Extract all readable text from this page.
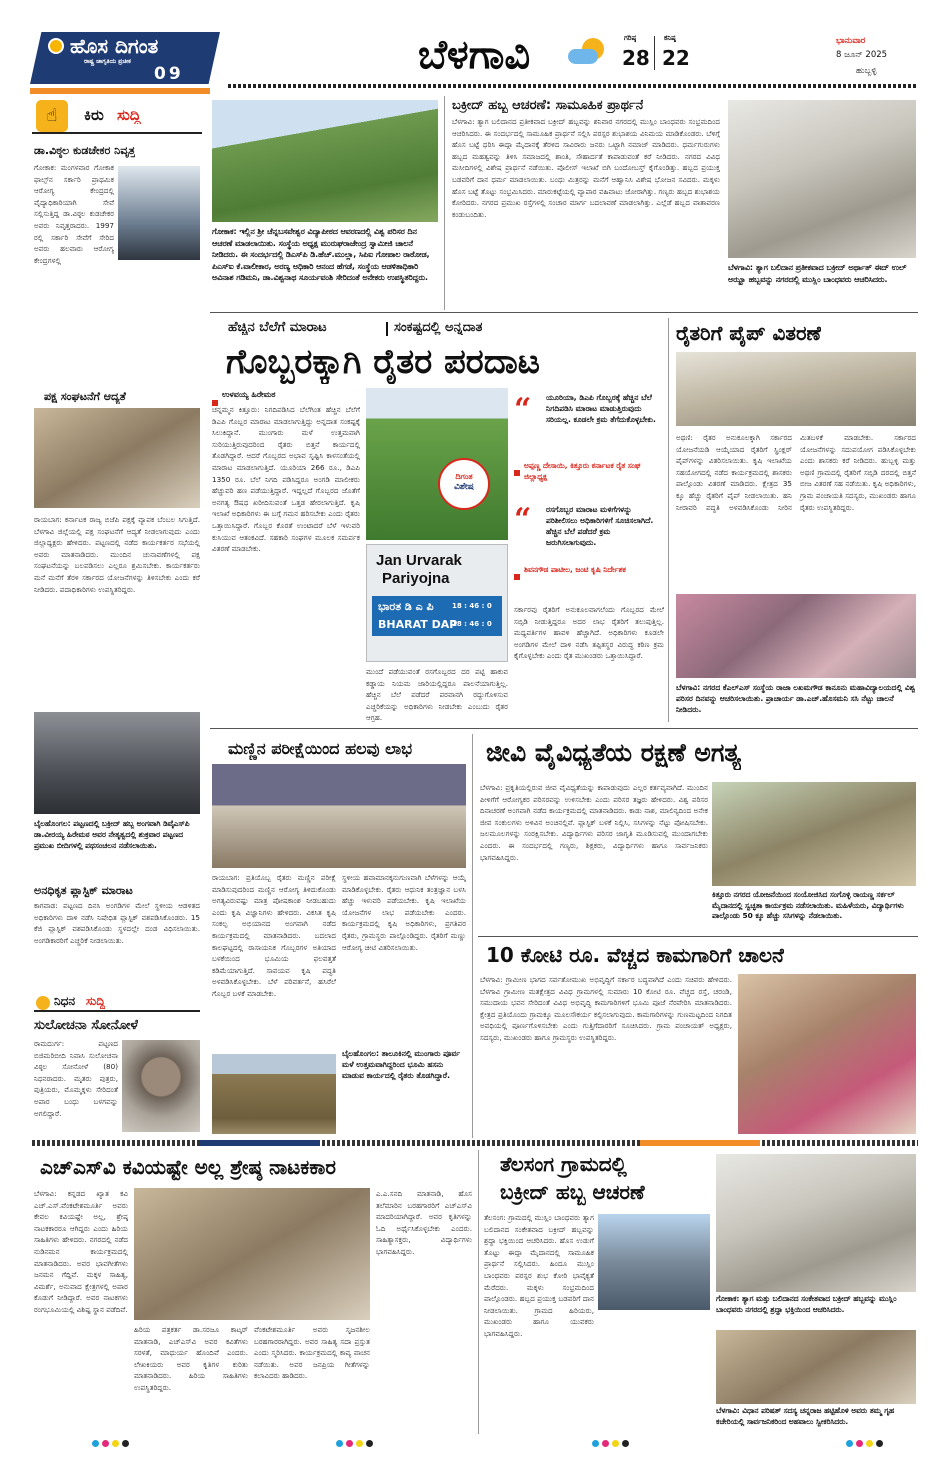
ಹೊಸ ದಿಗಂತ
ರಾಷ್ಟ್ರ ಜಾಗೃತಿಯ ಪ್ರಚೀಕ
09	ಬೆಳಗಾವಿ	ಗರಿಷ್ಠ
28
ಕನಿಷ್ಠ
22
ಭಾನುವಾರ
8 ಜೂನ್ 2025
ಹುಬ್ಬಳ್ಳಿ
☝	ಕಿರು ಸುದ್ದಿ
ಡಾ.ವಿಠ್ಠಲ ಕುಡಚೇಕರ ನಿವೃತ್ತ
ಗೋಕಾಕ: ಮಂಗಳವಾರ ಗೋಕಾಕ ಫಾಲ್ಸ್‌ನ ಸರ್ಕಾರಿ ಪ್ರಾಥಮಿಕ ಆರೋಗ್ಯ ಕೇಂದ್ರದಲ್ಲಿ ವೈದ್ಯಾಧಿಕಾರಿಯಾಗಿ ಸೇವೆ ಸಲ್ಲಿಸುತ್ತಿದ್ದ ಡಾ.ವಿಠ್ಠಲ ಕುಡಚೇಕರ ಅವರು ನಿವೃತ್ತರಾದರು. 1997 ರಲ್ಲಿ ಸರ್ಕಾರಿ ಸೇವೆಗೆ ಸೇರಿದ ಅವರು ಹಲವಾರು ಆರೋಗ್ಯ ಕೇಂದ್ರಗಳಲ್ಲಿ
ಪಕ್ಷ ಸಂಘಟನೆಗೆ ಆದ್ಯತೆ
ರಾಯಬಾಗ: ಕರ್ನಾಟಕ ರಾಜ್ಯ ಬಿಜೆಪಿ ಪಕ್ಷಕ್ಕೆ ವ್ಯಾಪಕ ಬೆಂಬಲ ಸಿಗುತ್ತಿದೆ. ಬೆಳಗಾವಿ ಜಿಲ್ಲೆಯಲ್ಲಿ ಪಕ್ಷ ಸಂಘಟನೆಗೆ ಆದ್ಯತೆ ನೀಡಲಾಗುವುದು ಎಂದು ಜಿಲ್ಲಾಧ್ಯಕ್ಷರು ಹೇಳಿದರು. ಪಟ್ಟಣದಲ್ಲಿ ನಡೆದ ಕಾರ್ಯಕರ್ತರ ಸಭೆಯಲ್ಲಿ ಅವರು ಮಾತನಾಡಿದರು. ಮುಂದಿನ ಚುನಾವಣೆಗಳಲ್ಲಿ ಪಕ್ಷ ಸಂಘಟನೆಯನ್ನು ಬಲಪಡಿಸಲು ಎಲ್ಲರೂ ಶ್ರಮಿಸಬೇಕು. ಕಾರ್ಯಕರ್ತರು ಮನೆ ಮನೆಗೆ ತೆರಳಿ ಸರ್ಕಾರದ ಯೋಜನೆಗಳನ್ನು ತಿಳಿಸಬೇಕು ಎಂದು ಕರೆ ನೀಡಿದರು. ಪದಾಧಿಕಾರಿಗಳು ಉಪಸ್ಥಿತರಿದ್ದರು.
ಬೈಲಹೊಂಗಲ: ಪಟ್ಟಣದಲ್ಲಿ ಬಕ್ರೀದ್ ಹಬ್ಬ ಅಂಗವಾಗಿ ಡಿವೈಎಸ್‌ಪಿ ಡಾ.ವೀರಯ್ಯ ಹಿರೇಮಠ ಅವರ ನೇತೃತ್ವದಲ್ಲಿ ಶುಕ್ರವಾರ ಪಟ್ಟಣದ ಪ್ರಮುಖ ಬೀದಿಗಳಲ್ಲಿ ಪಥಸಂಚಲನ ನಡೆಸಲಾಯಿತು.
ಅನಧಿಕೃತ ಪ್ಲಾಸ್ಟಿಕ್ ಮಾರಾಟ
ಕಾಗವಾಡ: ಪಟ್ಟಣದ ದಿನಸಿ ಅಂಗಡಿಗಳ ಮೇಲೆ ಸ್ಥಳೀಯ ಆಡಳಿತದ ಅಧಿಕಾರಿಗಳು ದಾಳಿ ನಡೆಸಿ ನಿಷೇಧಿತ ಪ್ಲಾಸ್ಟಿಕ್ ವಶಪಡಿಸಿಕೊಂಡರು. 15 ಕೆಜಿ ಪ್ಲಾಸ್ಟಿಕ್ ವಶಪಡಿಸಿಕೊಂಡು ಸ್ಥಳದಲ್ಲೇ ದಂಡ ವಿಧಿಸಲಾಯಿತು. ಅಂಗಡಿಕಾರರಿಗೆ ಎಚ್ಚರಿಕೆ ನೀಡಲಾಯಿತು.
ನಿಧನ ಸುದ್ದಿ
ಸುಲೋಚನಾ ಸೋನೋಳೆ
ರಾಮದುರ್ಗ: ಪಟ್ಟಣದ ಬಿಜಿಮರಿಬೀದಿ ನಿವಾಸಿ ಸುಲೋಚನಾ ವಿಠ್ಠಲ ಸೋನೋಳೆ (80) ನಿಧನರಾದರು. ಮೃತರು ಪುತ್ರರು, ಪುತ್ರಿಯರು, ಮೊಮ್ಮಕ್ಕಳು ಸೇರಿದಂತೆ ಅಪಾರ ಬಂಧು ಬಳಗವನ್ನು ಅಗಲಿದ್ದಾರೆ.
ಗೋಕಾಕ: ಇಲ್ಲಿನ ಶ್ರೀ ಚೆನ್ನಬಸವೇಶ್ವರ ವಿದ್ಯಾಪೀಠದ ಆವರಣದಲ್ಲಿ ವಿಶ್ವ ಪರಿಸರ ದಿನ ಆಚರಣೆ ಮಾಡಲಾಯಿತು. ಸಂಸ್ಥೆಯ ಅಧ್ಯಕ್ಷ ಮುರುಘರಾಜೇಂದ್ರ ಸ್ವಾಮೀಜಿ ಚಾಲನೆ ನೀಡಿದರು. ಈ ಸಂದರ್ಭದಲ್ಲಿ ಡಿಎಸ್‌ಪಿ ಡಿ.ಹೆಚ್.ಮುಲ್ಲಾ, ಸಿಪಿಐ ಗೋಪಾಲ ರಾಠೋಡ, ಪಿಎಸ್‌ಐ ಕೆ.ವಾಲೀಕಾರ, ಅರಣ್ಯ ಅಧಿಕಾರಿ ಆನಂದ ಹೆಗಡೆ, ಸಂಸ್ಥೆಯ ಆಡಳಿತಾಧಿಕಾರಿ ಅವಿನಾಶ ಗಡಿಮನಿ, ಡಾ.ವಿಶ್ವನಾಥ ಸೂರ್ಯವಂಶಿ ಸೇರಿದಂತೆ ಅನೇಕರು ಉಪಸ್ಥಿತರಿದ್ದರು.
ಬಕ್ರೀದ್ ಹಬ್ಬ ಆಚರಣೆ: ಸಾಮೂಹಿಕ ಪ್ರಾರ್ಥನೆ
ಬೆಳಗಾವಿ: ತ್ಯಾಗ ಬಲಿದಾನದ ಪ್ರತೀಕವಾದ ಬಕ್ರೀದ್ ಹಬ್ಬವನ್ನು ಶನಿವಾರ ನಗರದಲ್ಲಿ ಮುಸ್ಲಿಂ ಬಾಂಧವರು ಸಂಭ್ರಮದಿಂದ ಆಚರಿಸಿದರು. ಈ ಸಂದರ್ಭದಲ್ಲಿ ಸಾಮೂಹಿಕ ಪ್ರಾರ್ಥನೆ ಸಲ್ಲಿಸಿ ಪರಸ್ಪರ ಶುಭಾಶಯ ವಿನಿಮಯ ಮಾಡಿಕೊಂಡರು. ಬೆಳಿಗ್ಗೆ ಹೊಸ ಬಟ್ಟೆ ಧರಿಸಿ ಈದ್ಗಾ ಮೈದಾನಕ್ಕೆ ತೆರಳಿದ ಸಾವಿರಾರು ಜನರು ಒಟ್ಟಾಗಿ ನಮಾಜ್ ಮಾಡಿದರು. ಧರ್ಮಗುರುಗಳು ಹಬ್ಬದ ಮಹತ್ವವನ್ನು ತಿಳಿಸಿ ಸಮಾಜದಲ್ಲಿ ಶಾಂತಿ, ಸೌಹಾರ್ದತೆ ಕಾಪಾಡುವಂತೆ ಕರೆ ನೀಡಿದರು. ನಗರದ ವಿವಿಧ ಮಸೀದಿಗಳಲ್ಲಿ ವಿಶೇಷ ಪ್ರಾರ್ಥನೆ ನಡೆಯಿತು. ಪೊಲೀಸ್ ಇಲಾಖೆ ಬಿಗಿ ಬಂದೋಬಸ್ತ್ ಕೈಗೊಂಡಿತ್ತು. ಹಬ್ಬದ ಪ್ರಯುಕ್ತ ಬಡವರಿಗೆ ದಾನ ಧರ್ಮ ಮಾಡಲಾಯಿತು. ಬಂಧು ಮಿತ್ರರನ್ನು ಮನೆಗೆ ಆಹ್ವಾನಿಸಿ ವಿಶೇಷ ಭೋಜನ ಸವಿದರು. ಮಕ್ಕಳು ಹೊಸ ಬಟ್ಟೆ ತೊಟ್ಟು ಸಂಭ್ರಮಿಸಿದರು. ಮಾರುಕಟ್ಟೆಯಲ್ಲಿ ವ್ಯಾಪಾರ ವಹಿವಾಟು ಜೋರಾಗಿತ್ತು. ಗಣ್ಯರು ಹಬ್ಬದ ಶುಭಾಶಯ ಕೋರಿದರು. ನಗರದ ಪ್ರಮುಖ ರಸ್ತೆಗಳಲ್ಲಿ ಸಂಚಾರ ಮಾರ್ಗ ಬದಲಾವಣೆ ಮಾಡಲಾಗಿತ್ತು. ಎಲ್ಲೆಡೆ ಹಬ್ಬದ ವಾತಾವರಣ ಕಂಡುಬಂದಿತು.
ಬೆಳಗಾವಿ: ತ್ಯಾಗ ಬಲಿದಾನ ಪ್ರತೀಕವಾದ ಬಕ್ರೀದ್ ಅರ್ಥಾತ್ ಈದ್ ಉಲ್ ಅಝ್ಹಾ ಹಬ್ಬವನ್ನು ನಗರದಲ್ಲಿ ಮುಸ್ಲಿಂ ಬಾಂಧವರು ಆಚರಿಸಿದರು.
ಹೆಚ್ಚಿನ ಬೆಲೆಗೆ ಮಾರಾಟ	ಸಂಕಷ್ಟದಲ್ಲಿ ಅನ್ನದಾತ
ಗೊಬ್ಬರಕ್ಕಾಗಿ ರೈತರ ಪರದಾಟ
ಉಳವಯ್ಯ ಹಿರೇಮಠ
ಚನ್ನಮ್ಮನ ಕಿತ್ತೂರು: ನಿಗದಿಪಡಿಸಿದ ಬೆಲೆಗಿಂತ ಹೆಚ್ಚಿನ ಬೆಲೆಗೆ ಡಿಎಪಿ ಗೊಬ್ಬರ ಮಾರಾಟ ಮಾಡಲಾಗುತ್ತಿದ್ದು ಅನ್ನದಾತ ಸಂಕಷ್ಟಕ್ಕೆ ಸಿಲುಕಿದ್ದಾನೆ. ಮುಂಗಾರು ಮಳೆ ಉತ್ತಮವಾಗಿ ಸುರಿಯುತ್ತಿರುವುದರಿಂದ ರೈತರು ಬಿತ್ತನೆ ಕಾರ್ಯದಲ್ಲಿ ತೊಡಗಿದ್ದಾರೆ. ಆದರೆ ಗೊಬ್ಬರದ ಅಭಾವ ಸೃಷ್ಟಿಸಿ ಕಾಳಸಂತೆಯಲ್ಲಿ ಮಾರಾಟ ಮಾಡಲಾಗುತ್ತಿದೆ. ಯೂರಿಯಾ 266 ರೂ., ಡಿಎಪಿ 1350 ರೂ. ಬೆಲೆ ನಿಗದಿ ಪಡಿಸಿದ್ದರೂ ಅಂಗಡಿ ಮಾಲೀಕರು ಹೆಚ್ಚುವರಿ ಹಣ ಪಡೆಯುತ್ತಿದ್ದಾರೆ. ಇದ್ದಲ್ಲದೆ ಗೊಬ್ಬರದ ಜೊತೆಗೆ ಅನಗತ್ಯ ಔಷಧ ಖರೀದಿಸುವಂತೆ ಒತ್ತಡ ಹೇರಲಾಗುತ್ತಿದೆ. ಕೃಷಿ ಇಲಾಖೆ ಅಧಿಕಾರಿಗಳು ಈ ಬಗ್ಗೆ ಗಮನ ಹರಿಸಬೇಕು ಎಂದು ರೈತರು ಒತ್ತಾಯಿಸಿದ್ದಾರೆ. ಗೊಬ್ಬರ ಕೊರತೆ ಉಂಟಾದರೆ ಬೆಳೆ ಇಳುವರಿ ಕುಸಿಯುವ ಆತಂಕವಿದೆ. ಸಹಕಾರಿ ಸಂಘಗಳ ಮೂಲಕ ಸಮರ್ಪಕ ವಿತರಣೆ ಮಾಡಬೇಕು.
ದಿಗಂತ
ವಿಶೇಷ
Jan Urvarak
Pariyojna
ಭಾರತ ಡಿ ಎ ಪಿ	18 : 46 : 0
BHARAT DAP
18 : 46 : 0
“ ಯೂರಿಯಾ, ಡಿಎಪಿ ಗೊಬ್ಬರಕ್ಕೆ ಹೆಚ್ಚಿನ ಬೆಲೆ ನಿಗದಿಪಡಿಸಿ ಮಾರಾಟ ಮಾಡುತ್ತಿರುವುದು ಸರಿಯಲ್ಲ. ಕೂಡಲೇ ಕ್ರಮ ತೆಗೆದುಕೊಳ್ಳಬೇಕು.
ಅಪ್ಪಣ್ಣ ದೇಸಾಯಿ, ಕಿತ್ತೂರು ಕರ್ನಾಟಕ ರೈತ ಸಂಘ ಜಿಲ್ಲಾಧ್ಯಕ್ಷ
“ ರಸಗೊಬ್ಬರ ಮಾರಾಟ ಮಳಿಗೆಗಳನ್ನು ಪರಿಶೀಲಿಸಲು ಅಧಿಕಾರಿಗಳಿಗೆ ಸೂಚಿಸಲಾಗಿದೆ. ಹೆಚ್ಚಿನ ಬೆಲೆ ಪಡೆದರೆ ಕ್ರಮ ಜರುಗಿಸಲಾಗುವುದು.
ಶಿವನಗೌಡ ಪಾಟೀಲ, ಜಂಟಿ ಕೃಷಿ ನಿರ್ದೇಶಕ
ಸರ್ಕಾರವು ರೈತರಿಗೆ ಅನುಕೂಲವಾಗಲೆಂದು ಗೊಬ್ಬರದ ಮೇಲೆ ಸಬ್ಸಿಡಿ ನೀಡುತ್ತಿದ್ದರೂ ಅದರ ಲಾಭ ರೈತರಿಗೆ ತಲುಪುತ್ತಿಲ್ಲ. ಮಧ್ಯವರ್ತಿಗಳ ಹಾವಳಿ ಹೆಚ್ಚಾಗಿದೆ. ಅಧಿಕಾರಿಗಳು ಕೂಡಲೇ ಅಂಗಡಿಗಳ ಮೇಲೆ ದಾಳಿ ನಡೆಸಿ ತಪ್ಪಿತಸ್ಥರ ವಿರುದ್ಧ ಕಠಿಣ ಕ್ರಮ ಕೈಗೊಳ್ಳಬೇಕು ಎಂದು ರೈತ ಮುಖಂಡರು ಒತ್ತಾಯಿಸಿದ್ದಾರೆ.
ಮುಂದೆ ಪಡೆಯುವಂತೆ ರಸಗೊಬ್ಬರದ ದರ ಪಟ್ಟಿ ಹಾಕುವ ಕಡ್ಡಾಯ ನಿಯಮ ಜಾರಿಯಲ್ಲಿದ್ದರೂ ಪಾಲನೆಯಾಗುತ್ತಿಲ್ಲ. ಹೆಚ್ಚಿನ ಬೆಲೆ ಪಡೆದರೆ ಪರವಾನಗಿ ರದ್ದುಗೊಳಿಸುವ ಎಚ್ಚರಿಕೆಯನ್ನು ಅಧಿಕಾರಿಗಳು ನೀಡಬೇಕು ಎಂಬುದು ರೈತರ ಆಗ್ರಹ.
ರೈತರಿಗೆ ಪೈಪ್ ವಿತರಣೆ
ಅಥಣಿ: ರೈತರ ಅನುಕೂಲಕ್ಕಾಗಿ ಸರ್ಕಾರದ ಯೋಜನೆಯಡಿ ಆಯ್ಕೆಯಾದ ರೈತರಿಗೆ ಸ್ಪ್ರಿಂಕ್ಲರ್ ಪೈಪ್‌ಗಳನ್ನು ವಿತರಿಸಲಾಯಿತು. ಕೃಷಿ ಇಲಾಖೆಯ ಸಹಯೋಗದಲ್ಲಿ ನಡೆದ ಕಾರ್ಯಕ್ರಮದಲ್ಲಿ ಶಾಸಕರು ಪಾಲ್ಗೊಂಡು ವಿತರಣೆ ಮಾಡಿದರು. ಕ್ಷೇತ್ರದ 35 ಕ್ಕೂ ಹೆಚ್ಚು ರೈತರಿಗೆ ಪೈಪ್ ನೀಡಲಾಯಿತು. ಹನಿ ನೀರಾವರಿ ಪದ್ಧತಿ ಅಳವಡಿಸಿಕೊಂಡು ನೀರಿನ ಮಿತಬಳಕೆ ಮಾಡಬೇಕು. ಸರ್ಕಾರದ ಯೋಜನೆಗಳನ್ನು ಸದುಪಯೋಗ ಪಡಿಸಿಕೊಳ್ಳಬೇಕು ಎಂದು ಶಾಸಕರು ಕರೆ ನೀಡಿದರು. ಹುಬ್ಬಳ್ಳಿ ಮತ್ತು ಅಥಣಿ ಗ್ರಾಮದಲ್ಲಿ ರೈತರಿಗೆ ಸಬ್ಸಿಡಿ ದರದಲ್ಲಿ ಬಿತ್ತನೆ ಬೀಜ ವಿತರಣೆ ಸಹ ನಡೆಯಿತು. ಕೃಷಿ ಅಧಿಕಾರಿಗಳು, ಗ್ರಾಮ ಪಂಚಾಯತಿ ಸದಸ್ಯರು, ಮುಖಂಡರು ಹಾಗೂ ರೈತರು ಉಪಸ್ಥಿತರಿದ್ದರು.
ಬೆಳಗಾವಿ: ನಗರದ ಕೆಎಲ್‌ಎಸ್ ಸಂಸ್ಥೆಯ ರಾಜಾ ಲಖಮಗೌಡ ಕಾನೂನು ಮಹಾವಿದ್ಯಾಲಯದಲ್ಲಿ ವಿಶ್ವ ಪರಿಸರ ದಿನವನ್ನು ಆಚರಿಸಲಾಯಿತು. ಪ್ರಾಚಾರ್ಯ ಡಾ.ಎಚ್.ಹೊಸಮನಿ ಸಸಿ ನೆಟ್ಟು ಚಾಲನೆ ನೀಡಿದರು.
ಮಣ್ಣಿನ ಪರೀಕ್ಷೆಯಿಂದ ಹಲವು ಲಾಭ
ರಾಯಬಾಗ: ಪ್ರತಿಯೊಬ್ಬ ರೈತರು ಮಣ್ಣಿನ ಪರೀಕ್ಷೆ ಮಾಡಿಸುವುದರಿಂದ ಮಣ್ಣಿನ ಆರೋಗ್ಯ ತಿಳಿದುಕೊಂಡು ಅಗತ್ಯವಿರುವಷ್ಟು ಮಾತ್ರ ಪೋಷಕಾಂಶ ನೀಡಬಹುದು ಎಂದು ಕೃಷಿ ವಿಜ್ಞಾನಿಗಳು ಹೇಳಿದರು. ವಿಕಸಿತ ಕೃಷಿ ಸಂಕಲ್ಪ ಅಭಿಯಾನದ ಅಂಗವಾಗಿ ನಡೆದ ಕಾರ್ಯಕ್ರಮದಲ್ಲಿ ಮಾತನಾಡಿದರು. ಬದಲಾದ ಕಾಲಘಟ್ಟದಲ್ಲಿ ರಾಸಾಯನಿಕ ಗೊಬ್ಬರಗಳ ಅತಿಯಾದ ಬಳಕೆಯಿಂದ ಭೂಮಿಯ ಫಲವತ್ತತೆ ಕಡಿಮೆಯಾಗುತ್ತಿದೆ. ಸಾವಯವ ಕೃಷಿ ಪದ್ಧತಿ ಅಳವಡಿಸಿಕೊಳ್ಳಬೇಕು. ಬೆಳೆ ಪರಿವರ್ತನೆ, ಹಸಿರೆಲೆ ಗೊಬ್ಬರ ಬಳಕೆ ಮಾಡಬೇಕು.
ಸ್ಥಳೀಯ ಹವಾಮಾನಕ್ಕನುಗುಣವಾಗಿ ಬೆಳೆಗಳನ್ನು ಆಯ್ಕೆ ಮಾಡಿಕೊಳ್ಳಬೇಕು. ರೈತರು ಆಧುನಿಕ ತಂತ್ರಜ್ಞಾನ ಬಳಸಿ ಹೆಚ್ಚು ಇಳುವರಿ ಪಡೆಯಬೇಕು. ಕೃಷಿ ಇಲಾಖೆಯ ಯೋಜನೆಗಳ ಲಾಭ ಪಡೆಯಬೇಕು ಎಂದರು. ಕಾರ್ಯಕ್ರಮದಲ್ಲಿ ಕೃಷಿ ಅಧಿಕಾರಿಗಳು, ಪ್ರಗತಿಪರ ರೈತರು, ಗ್ರಾಮಸ್ಥರು ಪಾಲ್ಗೊಂಡಿದ್ದರು. ರೈತರಿಗೆ ಮಣ್ಣು ಆರೋಗ್ಯ ಚೀಟಿ ವಿತರಿಸಲಾಯಿತು.
ಬೈಲಹೊಂಗಲ: ತಾಲೂಕಿನಲ್ಲಿ ಮುಂಗಾರು ಪೂರ್ವ ಮಳೆ ಉತ್ತಮವಾಗಿದ್ದರಿಂದ ಭೂಮಿ ಹಸನು ಮಾಡುವ ಕಾರ್ಯದಲ್ಲಿ ರೈತರು ತೊಡಗಿದ್ದಾರೆ.
ಜೀವಿ ವೈವಿಧ್ಯತೆಯ ರಕ್ಷಣೆ ಅಗತ್ಯ
ಬೆಳಗಾವಿ: ಪ್ರಕೃತಿಯಲ್ಲಿರುವ ಜೀವ ವೈವಿಧ್ಯತೆಯನ್ನು ಕಾಪಾಡುವುದು ಎಲ್ಲರ ಕರ್ತವ್ಯವಾಗಿದೆ. ಮುಂದಿನ ಪೀಳಿಗೆಗೆ ಆರೋಗ್ಯಕರ ಪರಿಸರವನ್ನು ಉಳಿಸಬೇಕು ಎಂದು ಪರಿಸರ ತಜ್ಞರು ಹೇಳಿದರು. ವಿಶ್ವ ಪರಿಸರ ದಿನಾಚರಣೆ ಅಂಗವಾಗಿ ನಡೆದ ಕಾರ್ಯಕ್ರಮದಲ್ಲಿ ಮಾತನಾಡಿದರು. ಕಾಡು ನಾಶ, ಮಾಲಿನ್ಯದಿಂದ ಅನೇಕ ಜೀವ ಸಂಕುಲಗಳು ಅಳಿವಿನ ಅಂಚಿನಲ್ಲಿವೆ. ಪ್ಲಾಸ್ಟಿಕ್ ಬಳಕೆ ನಿಲ್ಲಿಸಿ, ಸಸಿಗಳನ್ನು ನೆಟ್ಟು ಪೋಷಿಸಬೇಕು. ಜಲಮೂಲಗಳನ್ನು ಸಂರಕ್ಷಿಸಬೇಕು. ವಿದ್ಯಾರ್ಥಿಗಳು ಪರಿಸರ ಜಾಗೃತಿ ಮೂಡಿಸುವಲ್ಲಿ ಮುಂದಾಗಬೇಕು ಎಂದರು. ಈ ಸಂದರ್ಭದಲ್ಲಿ ಗಣ್ಯರು, ಶಿಕ್ಷಕರು, ವಿದ್ಯಾರ್ಥಿಗಳು ಹಾಗೂ ಸಾರ್ವಜನಿಕರು ಭಾಗವಹಿಸಿದ್ದರು.
ಕಿತ್ತೂರು ನಗರದ ಯೋಜನೆಯಿಂದ ಸಂಯೋಜಿಸಿದ ಸಂಗೊಳ್ಳಿ ರಾಯಣ್ಣ ಸರ್ಕಲ್ ಮೈದಾನದಲ್ಲಿ ಸ್ವಚ್ಛತಾ ಕಾರ್ಯಕ್ರಮ ನಡೆಸಲಾಯಿತು. ಮಹಿಳೆಯರು, ವಿದ್ಯಾರ್ಥಿಗಳು ಪಾಲ್ಗೊಂಡು 50 ಕ್ಕೂ ಹೆಚ್ಚು ಸಸಿಗಳನ್ನು ನೆಡಲಾಯಿತು.
10 ಕೋಟಿ ರೂ. ವೆಚ್ಚದ ಕಾಮಗಾರಿಗೆ ಚಾಲನೆ
ಬೆಳಗಾವಿ: ಗ್ರಾಮೀಣ ಭಾಗದ ಸರ್ವತೋಮುಖ ಅಭಿವೃದ್ಧಿಗೆ ಸರ್ಕಾರ ಬದ್ಧವಾಗಿದೆ ಎಂದು ಸಚಿವರು ಹೇಳಿದರು. ಬೆಳಗಾವಿ ಗ್ರಾಮೀಣ ಮತಕ್ಷೇತ್ರದ ವಿವಿಧ ಗ್ರಾಮಗಳಲ್ಲಿ ಸುಮಾರು 10 ಕೋಟಿ ರೂ. ವೆಚ್ಚದ ರಸ್ತೆ, ಚರಂಡಿ, ಸಮುದಾಯ ಭವನ ಸೇರಿದಂತೆ ವಿವಿಧ ಅಭಿವೃದ್ಧಿ ಕಾಮಗಾರಿಗಳಿಗೆ ಭೂಮಿ ಪೂಜೆ ನೆರವೇರಿಸಿ ಮಾತನಾಡಿದರು. ಕ್ಷೇತ್ರದ ಪ್ರತಿಯೊಂದು ಗ್ರಾಮಕ್ಕೂ ಮೂಲಸೌಕರ್ಯ ಕಲ್ಪಿಸಲಾಗುವುದು. ಕಾಮಗಾರಿಗಳನ್ನು ಗುಣಮಟ್ಟದಿಂದ ನಿಗದಿತ ಅವಧಿಯಲ್ಲಿ ಪೂರ್ಣಗೊಳಿಸಬೇಕು ಎಂದು ಗುತ್ತಿಗೆದಾರರಿಗೆ ಸೂಚಿಸಿದರು. ಗ್ರಾಮ ಪಂಚಾಯತ್ ಅಧ್ಯಕ್ಷರು, ಸದಸ್ಯರು, ಮುಖಂಡರು ಹಾಗೂ ಗ್ರಾಮಸ್ಥರು ಉಪಸ್ಥಿತರಿದ್ದರು.
ಎಚ್‌ಎಸ್‌ವಿ ಕವಿಯಷ್ಟೇ ಅಲ್ಲ ಶ್ರೇಷ್ಠ ನಾಟಕಕಾರ
ಬೆಳಗಾವಿ: ಕನ್ನಡದ ಖ್ಯಾತ ಕವಿ ಎಚ್.ಎಸ್.ವೆಂಕಟೇಶಮೂರ್ತಿ ಅವರು ಕೇವಲ ಕವಿಯಷ್ಟೇ ಅಲ್ಲ, ಶ್ರೇಷ್ಠ ನಾಟಕಕಾರರೂ ಆಗಿದ್ದರು ಎಂದು ಹಿರಿಯ ಸಾಹಿತಿಗಳು ಹೇಳಿದರು. ನಗರದಲ್ಲಿ ನಡೆದ ನುಡಿನಮನ ಕಾರ್ಯಕ್ರಮದಲ್ಲಿ ಮಾತನಾಡಿದರು. ಅವರ ಭಾವಗೀತೆಗಳು ಜನಮನ ಗೆದ್ದಿವೆ. ಮಕ್ಕಳ ಸಾಹಿತ್ಯ, ವಿಮರ್ಶೆ, ಅನುವಾದ ಕ್ಷೇತ್ರಗಳಲ್ಲಿ ಅಪಾರ ಕೊಡುಗೆ ನೀಡಿದ್ದಾರೆ. ಅವರ ನಾಟಕಗಳು ರಂಗಭೂಮಿಯಲ್ಲಿ ವಿಶಿಷ್ಟ ಸ್ಥಾನ ಪಡೆದಿವೆ.
ಹಿರಿಯ ಪತ್ರಕರ್ತ ಡಾ.ಸರಜೂ ಕಾಟ್ಕರ್ ಮಾತನಾಡಿ, ಎಚ್‌ಎಸ್‌ವಿ ಅವರ ಕವಿತೆಗಳು ಸರಳತೆ, ಮಾಧುರ್ಯ ಹೊಂದಿವೆ ಎಂದರು. ಲೇಖಕಿಯರು ಅವರ ಕೃತಿಗಳ ಕುರಿತು ಮಾತನಾಡಿದರು. ಹಿರಿಯ ಸಾಹಿತಿಗಳು ಉಪಸ್ಥಿತರಿದ್ದರು.
ವೆಂಕಟೇಶಮೂರ್ತಿ ಅವರು ಸೃಜನಶೀಲ ಬರಹಗಾರರಾಗಿದ್ದರು. ಅವರ ಸಾಹಿತ್ಯ ಸದಾ ಪ್ರಸ್ತುತ ಎಂದು ಸ್ಮರಿಸಿದರು. ಕಾರ್ಯಕ್ರಮದಲ್ಲಿ ಕಾವ್ಯ ವಾಚನ ನಡೆಯಿತು. ಅವರ ಜನಪ್ರಿಯ ಗೀತೆಗಳನ್ನು ಕಲಾವಿದರು ಹಾಡಿದರು.
ಎ.ಎ.ಸನದಿ ಮಾತನಾಡಿ, ಹೊಸ ತಲೆಮಾರಿನ ಬರಹಗಾರರಿಗೆ ಎಚ್‌ಎಸ್‌ವಿ ಮಾದರಿಯಾಗಿದ್ದಾರೆ. ಅವರ ಕೃತಿಗಳನ್ನು ಓದಿ ಅರ್ಥೈಸಿಕೊಳ್ಳಬೇಕು ಎಂದರು. ಸಾಹಿತ್ಯಾಸಕ್ತರು, ವಿದ್ಯಾರ್ಥಿಗಳು ಭಾಗವಹಿಸಿದ್ದರು.
ತೆಲಸಂಗ ಗ್ರಾಮದಲ್ಲಿ
ಬಕ್ರೀದ್ ಹಬ್ಬ ಆಚರಣೆ
ತೆಲಸಂಗ: ಗ್ರಾಮದಲ್ಲಿ ಮುಸ್ಲಿಂ ಬಾಂಧವರು ತ್ಯಾಗ ಬಲಿದಾನದ ಸಂಕೇತವಾದ ಬಕ್ರೀದ್ ಹಬ್ಬವನ್ನು ಶ್ರದ್ಧಾ ಭಕ್ತಿಯಿಂದ ಆಚರಿಸಿದರು. ಹೊಸ ಉಡುಗೆ ತೊಟ್ಟು ಈದ್ಗಾ ಮೈದಾನದಲ್ಲಿ ಸಾಮೂಹಿಕ ಪ್ರಾರ್ಥನೆ ಸಲ್ಲಿಸಿದರು. ಹಿಂದೂ ಮುಸ್ಲಿಂ ಬಾಂಧವರು ಪರಸ್ಪರ ಶುಭ ಕೋರಿ ಭಾವೈಕ್ಯತೆ ಮೆರೆದರು. ಮಕ್ಕಳು ಸಂಭ್ರಮದಿಂದ ಪಾಲ್ಗೊಂಡರು. ಹಬ್ಬದ ಪ್ರಯುಕ್ತ ಬಡವರಿಗೆ ದಾನ ನೀಡಲಾಯಿತು. ಗ್ರಾಮದ ಹಿರಿಯರು, ಮುಖಂಡರು ಹಾಗೂ ಯುವಕರು ಭಾಗವಹಿಸಿದ್ದರು.
ಗೋಕಾಕ: ತ್ಯಾಗ ಮತ್ತು ಬಲಿದಾನದ ಸಂಕೇತವಾದ ಬಕ್ರೀದ್ ಹಬ್ಬವನ್ನು ಮುಸ್ಲಿಂ ಬಾಂಧವರು ನಗರದಲ್ಲಿ ಶ್ರದ್ಧಾ ಭಕ್ತಿಯಿಂದ ಆಚರಿಸಿದರು.
ಬೆಳಗಾವಿ: ವಿಧಾನ ಪರಿಷತ್ ಸದಸ್ಯ ಚನ್ನರಾಜ ಹಟ್ಟಿಹೊಳಿ ಅವರು ತಮ್ಮ ಗೃಹ ಕಚೇರಿಯಲ್ಲಿ ಸಾರ್ವಜನಿಕರಿಂದ ಅಹವಾಲು ಸ್ವೀಕರಿಸಿದರು.
